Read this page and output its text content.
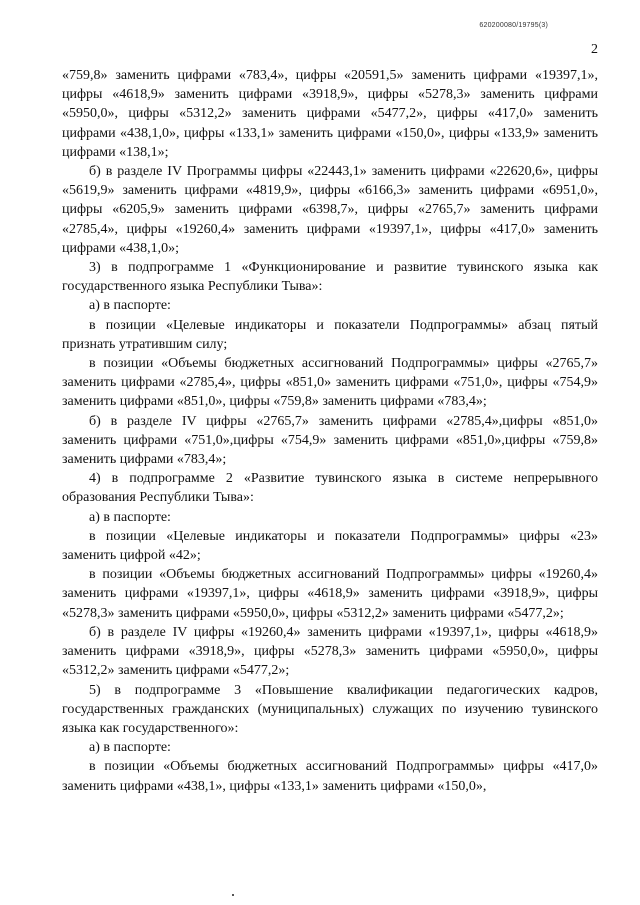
620200080/19795(3)
2

«759,8» заменить цифрами «783,4», цифры «20591,5» заменить цифрами «19397,1», цифры «4618,9» заменить цифрами «3918,9», цифры «5278,3» заменить цифрами «5950,0», цифры «5312,2» заменить цифрами «5477,2», цифры «417,0» заменить цифрами «438,1,0», цифры «133,1» заменить цифрами «150,0», цифры «133,9» заменить цифрами «138,1»;

б) в разделе IV Программы цифры «22443,1» заменить цифрами «22620,6», цифры «5619,9» заменить цифрами «4819,9», цифры «6166,3» заменить цифрами «6951,0», цифры «6205,9» заменить цифрами «6398,7», цифры «2765,7» заменить цифрами «2785,4», цифры «19260,4» заменить цифрами «19397,1», цифры «417,0» заменить цифрами «438,1,0»;

3) в подпрограмме 1 «Функционирование и развитие тувинского языка как государственного языка Республики Тыва»:

а) в паспорте:

в позиции «Целевые индикаторы и показатели Подпрограммы» абзац пятый признать утратившим силу;

в позиции «Объемы бюджетных ассигнований Подпрограммы» цифры «2765,7» заменить цифрами «2785,4», цифры «851,0» заменить цифрами «751,0», цифры «754,9» заменить цифрами «851,0», цифры «759,8» заменить цифрами «783,4»;

б) в разделе IV цифры «2765,7» заменить цифрами «2785,4»,цифры «851,0» заменить цифрами «751,0»,цифры «754,9» заменить цифрами «851,0»,цифры «759,8» заменить цифрами «783,4»;

4) в подпрограмме 2 «Развитие тувинского языка в системе непрерывного образования Республики Тыва»:

а) в паспорте:

в позиции «Целевые индикаторы и показатели Подпрограммы» цифры «23» заменить цифрой «42»;

в позиции «Объемы бюджетных ассигнований Подпрограммы» цифры «19260,4» заменить цифрами «19397,1», цифры «4618,9» заменить цифрами «3918,9», цифры «5278,3» заменить цифрами «5950,0», цифры «5312,2» заменить цифрами «5477,2»;

б) в разделе IV цифры «19260,4» заменить цифрами «19397,1», цифры «4618,9» заменить цифрами «3918,9», цифры «5278,3» заменить цифрами «5950,0», цифры «5312,2» заменить цифрами «5477,2»;

5) в подпрограмме 3 «Повышение квалификации педагогических кадров, государственных гражданских (муниципальных) служащих по изучению тувинского языка как государственного»:

а) в паспорте:

в позиции «Объемы бюджетных ассигнований Подпрограммы» цифры «417,0» заменить цифрами «438,1», цифры «133,1» заменить цифрами «150,0»,
